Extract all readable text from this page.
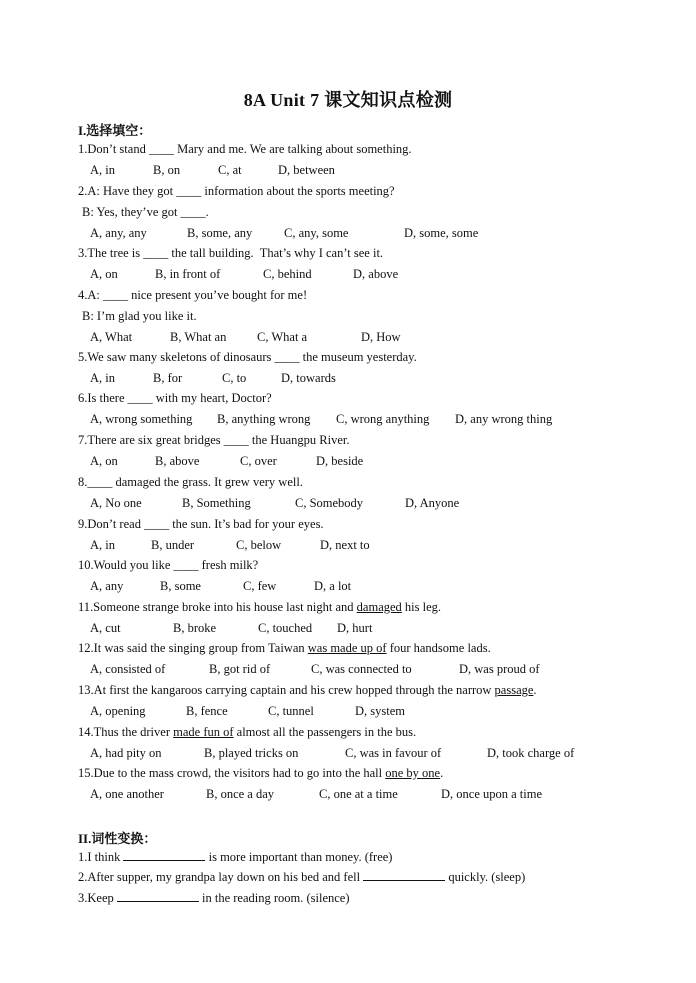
8A Unit 7 课文知识点检测
I.选择填空：
1.Don’t stand ____ Mary and me. We are talking about something.
A, in	B, on	C, at	D, between
2.A: Have they got ____ information about the sports meeting?
B: Yes, they’ve got ____.
A, any, any	B, some, any	C, any, some	D, some, some
3.The tree is ____ the tall building.  That’s why I can’t see it.
A, on	B, in front of	C, behind	D, above
4.A: ____ nice present you’ve bought for me!
B: I’m glad you like it.
A, What	B, What an C, What a	D, How
5.We saw many skeletons of dinosaurs ____ the museum yesterday.
A, in	B, for	C, to	D, towards
6.Is there ____ with my heart, Doctor?
A, wrong something B, anything wrong C, wrong anything D, any wrong thing
7.There are six great bridges ____ the Huangpu River.
A, on	B, above	C, over	D, beside
8.____ damaged the grass. It grew very well.
A, No one	B, Something	C, Somebody	D, Anyone
9.Don’t read ____ the sun. It’s bad for your eyes.
A, in	B, under	C, below	D, next to
10.Would you like ____ fresh milk?
A, any	B, some	C, few	D, a lot
11.Someone strange broke into his house last night and damaged his leg.
A, cut	B, broke	C, touched D, hurt
12.It was said the singing group from Taiwan was made up of four handsome lads.
A, consisted of	B, got rid of	C, was connected to	D, was proud of
13.At first the kangaroos carrying captain and his crew hopped through the narrow passage.
A, opening	B, fence	C, tunnel	D, system
14.Thus the driver made fun of almost all the passengers in the bus.
A, had pity on	B, played tricks on	C, was in favour of	D, took charge of
15.Due to the mass crowd, the visitors had to go into the hall one by one.
A, one another	B, once a day	C, one at a time	D, once upon a time
II.词性变换：
1.I think	is more important than money. (free)
2.After supper, my grandpa lay down on his bed and fell	quickly. (sleep)
3.Keep	in the reading room. (silence)
